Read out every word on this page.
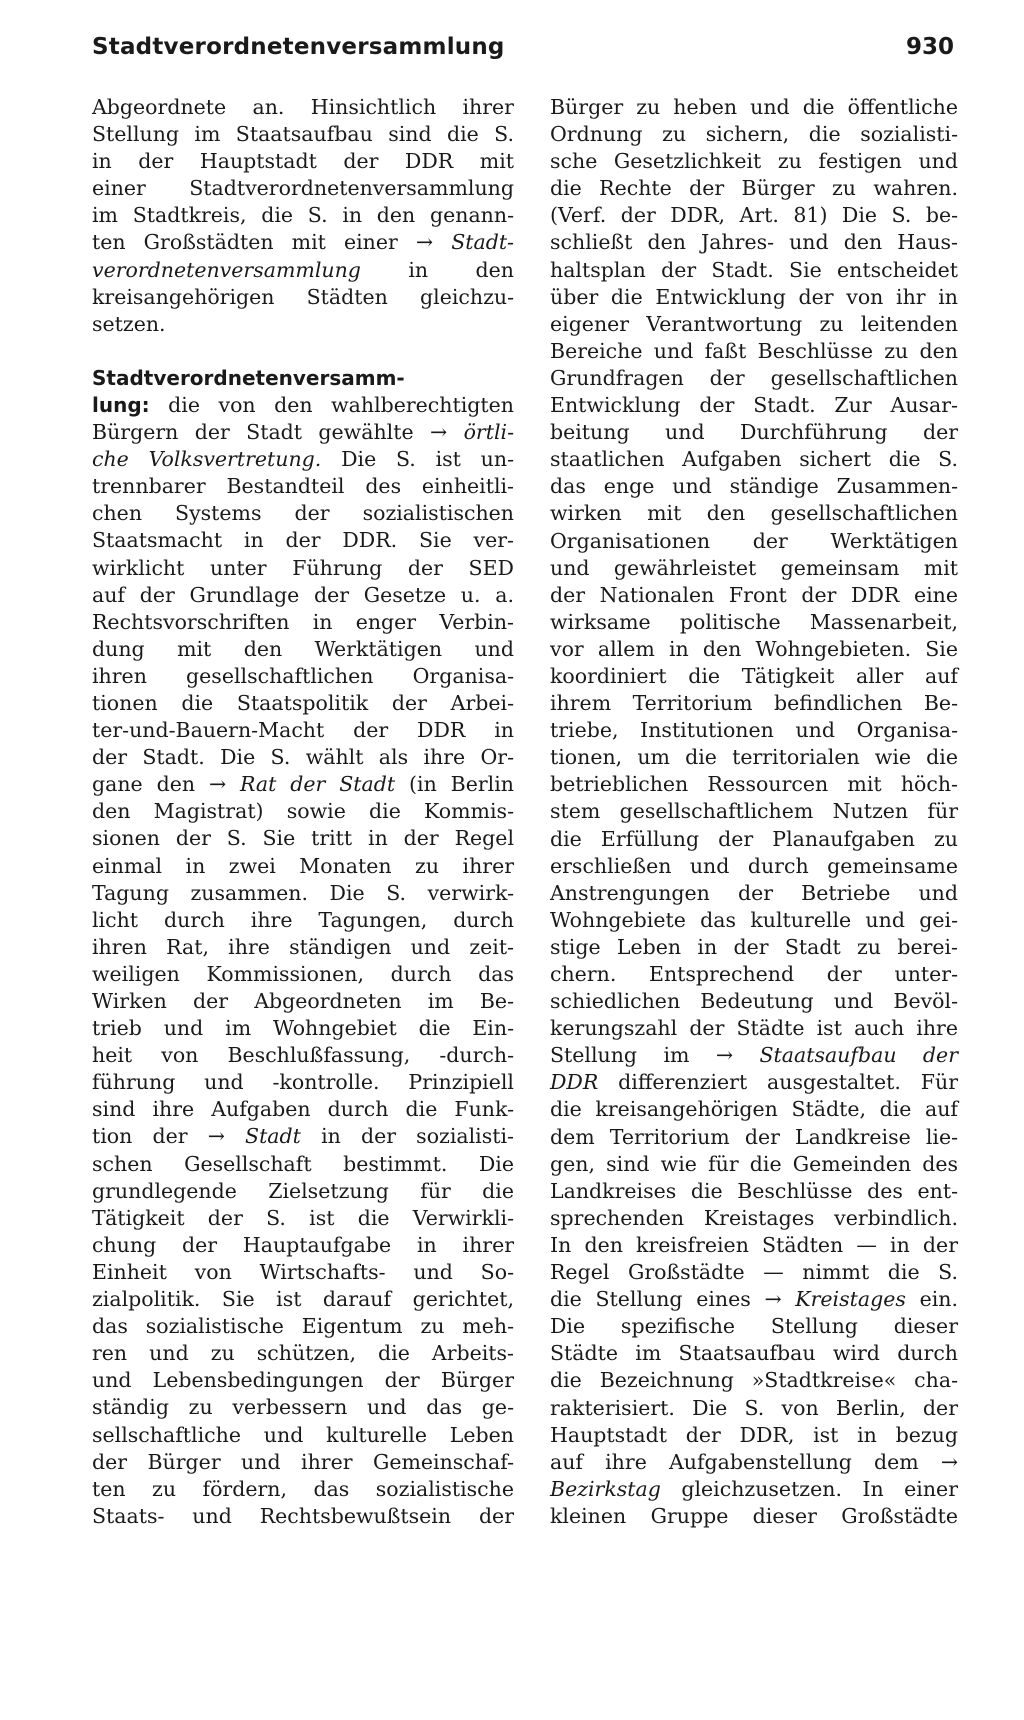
Stadtverordnetenversammlung	930
Abgeordnete an. Hinsichtlich ihrer
Stellung im Staatsaufbau sind die S.
in der Hauptstadt der DDR mit
einer Stadtverordnetenversammlung
im Stadtkreis, die S. in den genann-
ten Großstädten mit einer → Stadt-
verordnetenversammlung in den
kreisangehörigen Städten gleichzu-
setzen.
Stadtverordnetenversamm-
lung: die von den wahlberechtigten
Bürgern der Stadt gewählte → örtli-
che Volksvertretung. Die S. ist un-
trennbarer Bestandteil des einheitli-
chen Systems der sozialistischen
Staatsmacht in der DDR. Sie ver-
wirklicht unter Führung der SED
auf der Grundlage der Gesetze u. a.
Rechtsvorschriften in enger Verbin-
dung mit den Werktätigen und
ihren gesellschaftlichen Organisa-
tionen die Staatspolitik der Arbei-
ter-und-Bauern-Macht der DDR in
der Stadt. Die S. wählt als ihre Or-
gane den → Rat der Stadt (in Berlin
den Magistrat) sowie die Kommis-
sionen der S. Sie tritt in der Regel
einmal in zwei Monaten zu ihrer
Tagung zusammen. Die S. verwirk-
licht durch ihre Tagungen, durch
ihren Rat, ihre ständigen und zeit-
weiligen Kommissionen, durch das
Wirken der Abgeordneten im Be-
trieb und im Wohngebiet die Ein-
heit von Beschlußfassung, -durch-
führung und -kontrolle. Prinzipiell
sind ihre Aufgaben durch die Funk-
tion der → Stadt in der sozialisti-
schen Gesellschaft bestimmt. Die
grundlegende Zielsetzung für die
Tätigkeit der S. ist die Verwirkli-
chung der Hauptaufgabe in ihrer
Einheit von Wirtschafts- und So-
zialpolitik. Sie ist darauf gerichtet,
das sozialistische Eigentum zu meh-
ren und zu schützen, die Arbeits-
und Lebensbedingungen der Bürger
ständig zu verbessern und das ge-
sellschaftliche und kulturelle Leben
der Bürger und ihrer Gemeinschaf-
ten zu fördern, das sozialistische
Staats- und Rechtsbewußtsein der
Bürger zu heben und die öffentliche
Ordnung zu sichern, die sozialisti-
sche Gesetzlichkeit zu festigen und
die Rechte der Bürger zu wahren.
(Verf. der DDR, Art. 81) Die S. be-
schließt den Jahres- und den Haus-
haltsplan der Stadt. Sie entscheidet
über die Entwicklung der von ihr in
eigener Verantwortung zu leitenden
Bereiche und faßt Beschlüsse zu den
Grundfragen der gesellschaftlichen
Entwicklung der Stadt. Zur Ausar-
beitung und Durchführung der
staatlichen Aufgaben sichert die S.
das enge und ständige Zusammen-
wirken mit den gesellschaftlichen
Organisationen der Werktätigen
und gewährleistet gemeinsam mit
der Nationalen Front der DDR eine
wirksame politische Massenarbeit,
vor allem in den Wohngebieten. Sie
koordiniert die Tätigkeit aller auf
ihrem Territorium befindlichen Be-
triebe, Institutionen und Organisa-
tionen, um die territorialen wie die
betrieblichen Ressourcen mit höch-
stem gesellschaftlichem Nutzen für
die Erfüllung der Planaufgaben zu
erschließen und durch gemeinsame
Anstrengungen der Betriebe und
Wohngebiete das kulturelle und gei-
stige Leben in der Stadt zu berei-
chern. Entsprechend der unter-
schiedlichen Bedeutung und Bevöl-
kerungszahl der Städte ist auch ihre
Stellung im → Staatsaufbau der
DDR differenziert ausgestaltet. Für
die kreisangehörigen Städte, die auf
dem Territorium der Landkreise lie-
gen, sind wie für die Gemeinden des
Landkreises die Beschlüsse des ent-
sprechenden Kreistages verbindlich.
In den kreisfreien Städten — in der
Regel Großstädte — nimmt die S.
die Stellung eines → Kreistages ein.
Die spezifische Stellung dieser
Städte im Staatsaufbau wird durch
die Bezeichnung »Stadtkreise« cha-
rakterisiert. Die S. von Berlin, der
Hauptstadt der DDR, ist in bezug
auf ihre Aufgabenstellung dem →
Bezirkstag gleichzusetzen. In einer
kleinen Gruppe dieser Großstädte
